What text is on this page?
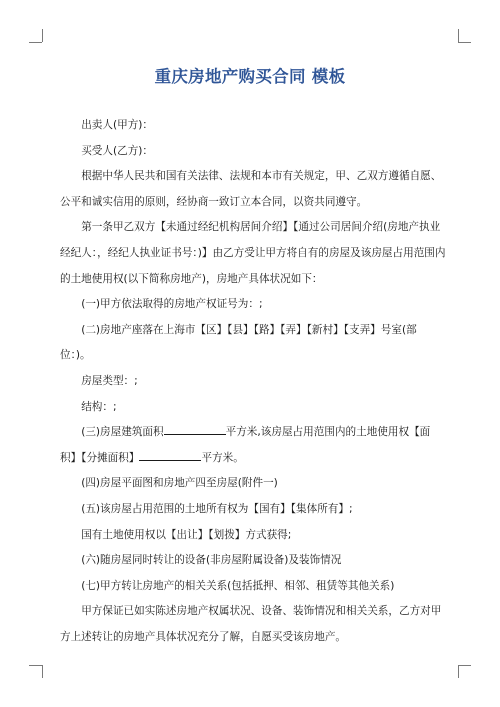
重庆房地产购买合同 模板

出卖人(甲方)：

买受人(乙方)：

根据中华人民共和国有关法律、法规和本市有关规定，甲、乙双方遵循自愿、公平和诚实信用的原则，经协商一致订立本合同，以资共同遵守。

第一条甲乙双方【未通过经纪机构居间介绍】【通过公司居间介绍(房地产执业经纪人：，经纪人执业证书号：)】由乙方受让甲方将自有的房屋及该房屋占用范围内的土地使用权(以下简称房地产)，房地产具体状况如下：

(一)甲方依法取得的房地产权证号为：;

(二)房地产座落在上海市【区】【县】【路】【弄】【新村】【支弄】号室(部位：)。

房屋类型：;

结构：;

(三)房屋建筑面积	平方米,该房屋占用范围内的土地使用权【面积】【分摊面积】	平方米。

(四)房屋平面图和房地产四至房屋(附件一)

(五)该房屋占用范围的土地所有权为【国有】【集体所有】;

国有土地使用权以【出让】【划拨】方式获得;

(六)随房屋同时转让的设备(非房屋附属设备)及装饰情况

(七)甲方转让房地产的相关关系(包括抵押、相邻、租赁等其他关系)

甲方保证已如实陈述房地产权属状况、设备、装饰情况和相关关系，乙方对甲方上述转让的房地产具体状况充分了解，自愿买受该房地产。
